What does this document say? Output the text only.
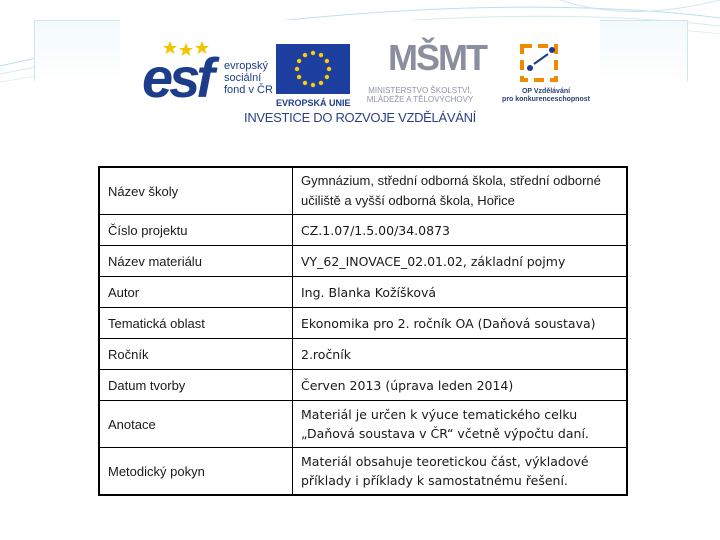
esf evropský
sociální
fond v ČR
EVROPSKÁ UNIE
MŠMT
MINISTERSTVO ŠKOLSTVÍ,
MLÁDEŽE A TĚLOVÝCHOVY
OP Vzdělávání
pro konkurenceschopnost
INVESTICE DO ROZVOJE VZDĚLÁVÁNÍ
Název školy	Gymnázium, střední odborná škola, střední odborné učiliště a vyšší odborná škola, Hořice
Číslo projektu	CZ.1.07/1.5.00/34.0873
Název materiálu	VY_62_INOVACE_02.01.02, základní pojmy
Autor	Ing. Blanka Kožíšková
Tematická oblast	Ekonomika pro 2. ročník OA (Daňová soustava)
Ročník	2.ročník
Datum tvorby	Červen 2013 (úprava leden 2014)
Anotace	Materiál je určen k výuce tematického celku „Daňová soustava v ČR“ včetně výpočtu daní.
Metodický pokyn	Materiál obsahuje teoretickou část, výkladové příklady i příklady k samostatnému řešení.
